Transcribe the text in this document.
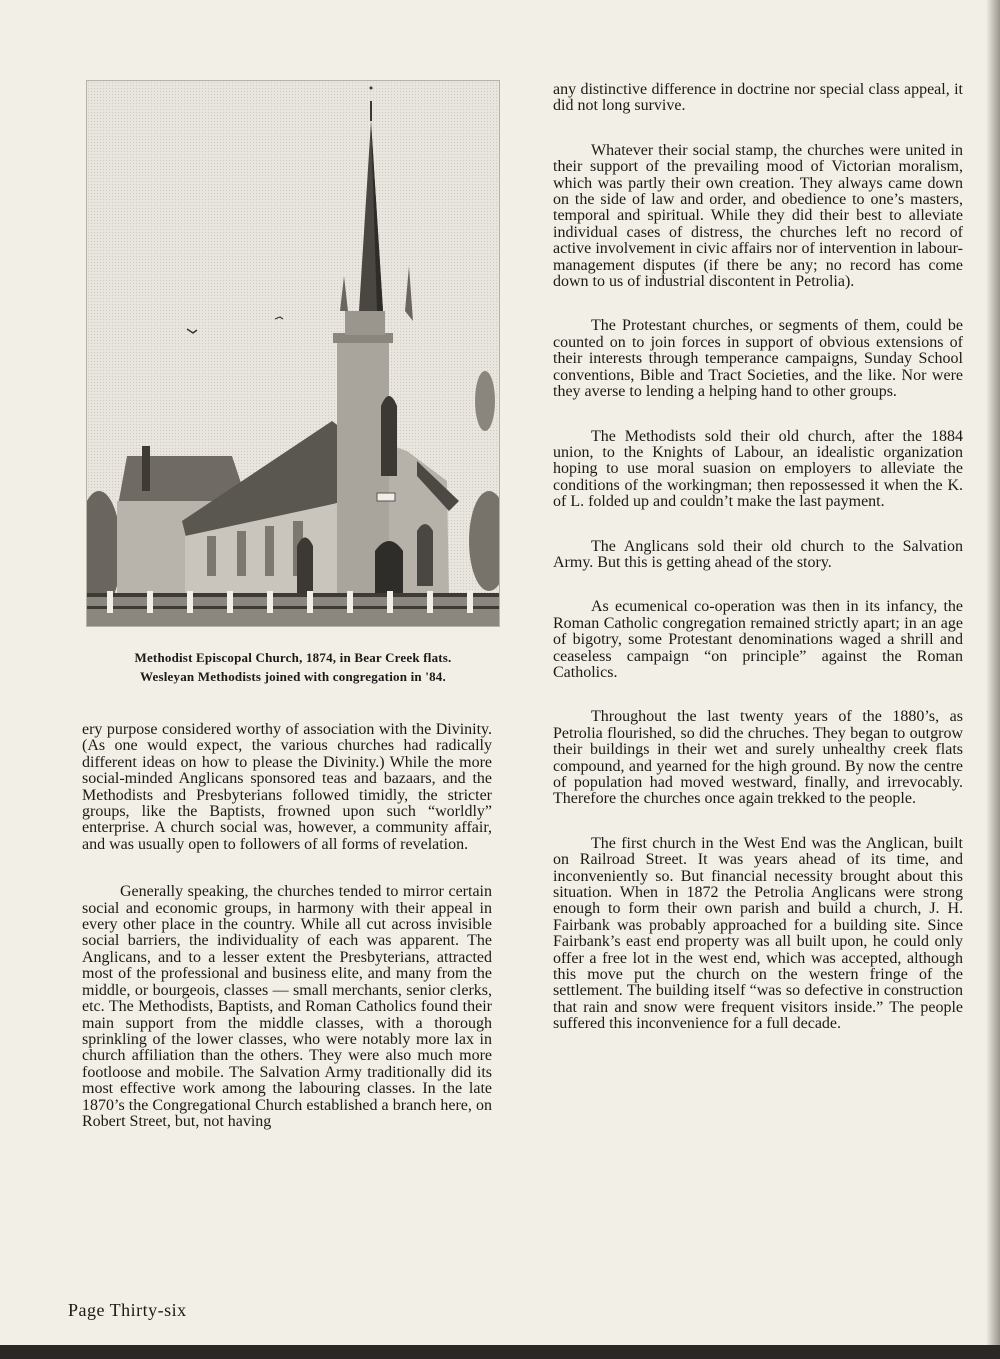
Methodist Episcopal Church, 1874, in Bear Creek flats.
Wesleyan Methodists joined with congregation in '84.

ery purpose considered worthy of association with the Divinity. (As one would expect, the various churches had radically different ideas on how to please the Divinity.) While the more social-minded Anglicans sponsored teas and bazaars, and the Methodists and Presbyterians followed timidly, the stricter groups, like the Baptists, frowned upon such “worldly” enterprise. A church social was, however, a community affair, and was usually open to followers of all forms of revelation.

Generally speaking, the churches tended to mirror certain social and economic groups, in harmony with their appeal in every other place in the country. While all cut across invisible social barriers, the individuality of each was apparent. The Anglicans, and to a lesser extent the Presbyterians, attracted most of the professional and business elite, and many from the middle, or bourgeois, classes — small merchants, senior clerks, etc. The Methodists, Baptists, and Roman Catholics found their main support from the middle classes, with a thorough sprinkling of the lower classes, who were notably more lax in church affiliation than the others. They were also much more footloose and mobile. The Salvation Army traditionally did its most effective work among the labouring classes. In the late 1870’s the Congregational Church established a branch here, on Robert Street, but, not having

any distinctive difference in doctrine nor special class appeal, it did not long survive.

Whatever their social stamp, the churches were united in their support of the prevailing mood of Victorian moralism, which was partly their own creation. They always came down on the side of law and order, and obedience to one’s masters, temporal and spiritual. While they did their best to alleviate individual cases of distress, the churches left no record of active involvement in civic affairs nor of intervention in labour-management disputes (if there be any; no record has come down to us of industrial discontent in Petrolia).

The Protestant churches, or segments of them, could be counted on to join forces in support of obvious extensions of their interests through temperance campaigns, Sunday School conventions, Bible and Tract Societies, and the like. Nor were they averse to lending a helping hand to other groups.

The Methodists sold their old church, after the 1884 union, to the Knights of Labour, an idealistic organization hoping to use moral suasion on employers to alleviate the conditions of the workingman; then repossessed it when the K. of L. folded up and couldn’t make the last payment.

The Anglicans sold their old church to the Salvation Army. But this is getting ahead of the story.

As ecumenical co-operation was then in its infancy, the Roman Catholic congregation remained strictly apart; in an age of bigotry, some Protestant denominations waged a shrill and ceaseless campaign “on principle” against the Roman Catholics.

Throughout the last twenty years of the 1880’s, as Petrolia flourished, so did the chruches. They began to outgrow their buildings in their wet and surely unhealthy creek flats compound, and yearned for the high ground. By now the centre of population had moved westward, finally, and irrevocably. Therefore the churches once again trekked to the people.

The first church in the West End was the Anglican, built on Railroad Street. It was years ahead of its time, and inconveniently so. But financial necessity brought about this situation. When in 1872 the Petrolia Anglicans were strong enough to form their own parish and build a church, J. H. Fairbank was probably approached for a building site. Since Fairbank’s east end property was all built upon, he could only offer a free lot in the west end, which was accepted, although this move put the church on the western fringe of the settlement. The building itself “was so defective in construction that rain and snow were frequent visitors inside.” The people suffered this inconvenience for a full decade.

Page Thirty-six
